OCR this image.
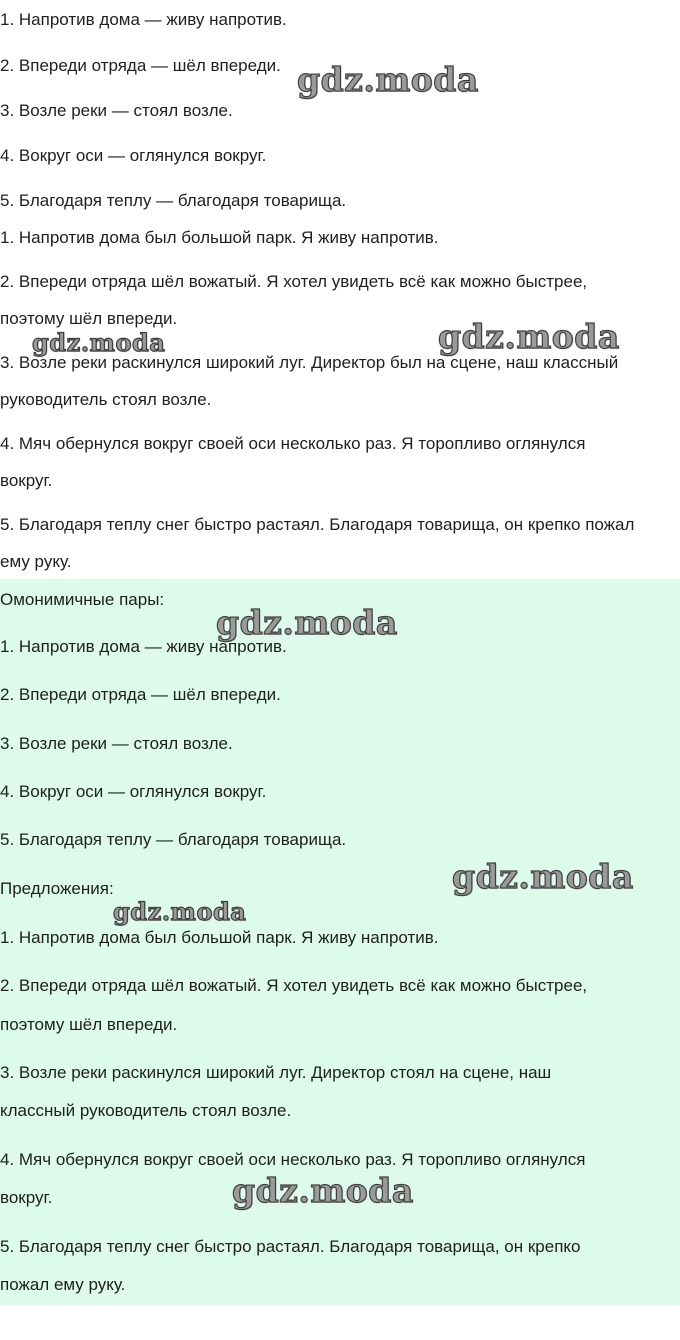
1. Напротив дома — живу напротив.
2. Впереди отряда — шёл впереди.
3. Возле реки — стоял возле.
4. Вокруг оси — оглянулся вокруг.
5. Благодаря теплу — благодаря товарища.
1. Напротив дома был большой парк. Я живу напротив.
2. Впереди отряда шёл вожатый. Я хотел увидеть всё как можно быстрее,
поэтому шёл впереди.
3. Возле реки раскинулся широкий луг. Директор был на сцене, наш классный
руководитель стоял возле.
4. Мяч обернулся вокруг своей оси несколько раз. Я торопливо оглянулся
вокруг.
5. Благодаря теплу снег быстро растаял. Благодаря товарища, он крепко пожал
ему руку.
Омонимичные пары:
1. Напротив дома — живу напротив.
2. Впереди отряда — шёл впереди.
3. Возле реки — стоял возле.
4. Вокруг оси — оглянулся вокруг.
5. Благодаря теплу — благодаря товарища.
Предложения:
1. Напротив дома был большой парк. Я живу напротив.
2. Впереди отряда шёл вожатый. Я хотел увидеть всё как можно быстрее,
поэтому шёл впереди.
3. Возле реки раскинулся широкий луг. Директор стоял на сцене, наш
классный руководитель стоял возле.
4. Мяч обернулся вокруг своей оси несколько раз. Я торопливо оглянулся
вокруг.
5. Благодаря теплу снег быстро растаял. Благодаря товарища, он крепко
пожал ему руку.
gdz.moda
gdz.moda	gdz.moda
gdz.moda
gdz.moda
gdz.moda
gdz.moda
